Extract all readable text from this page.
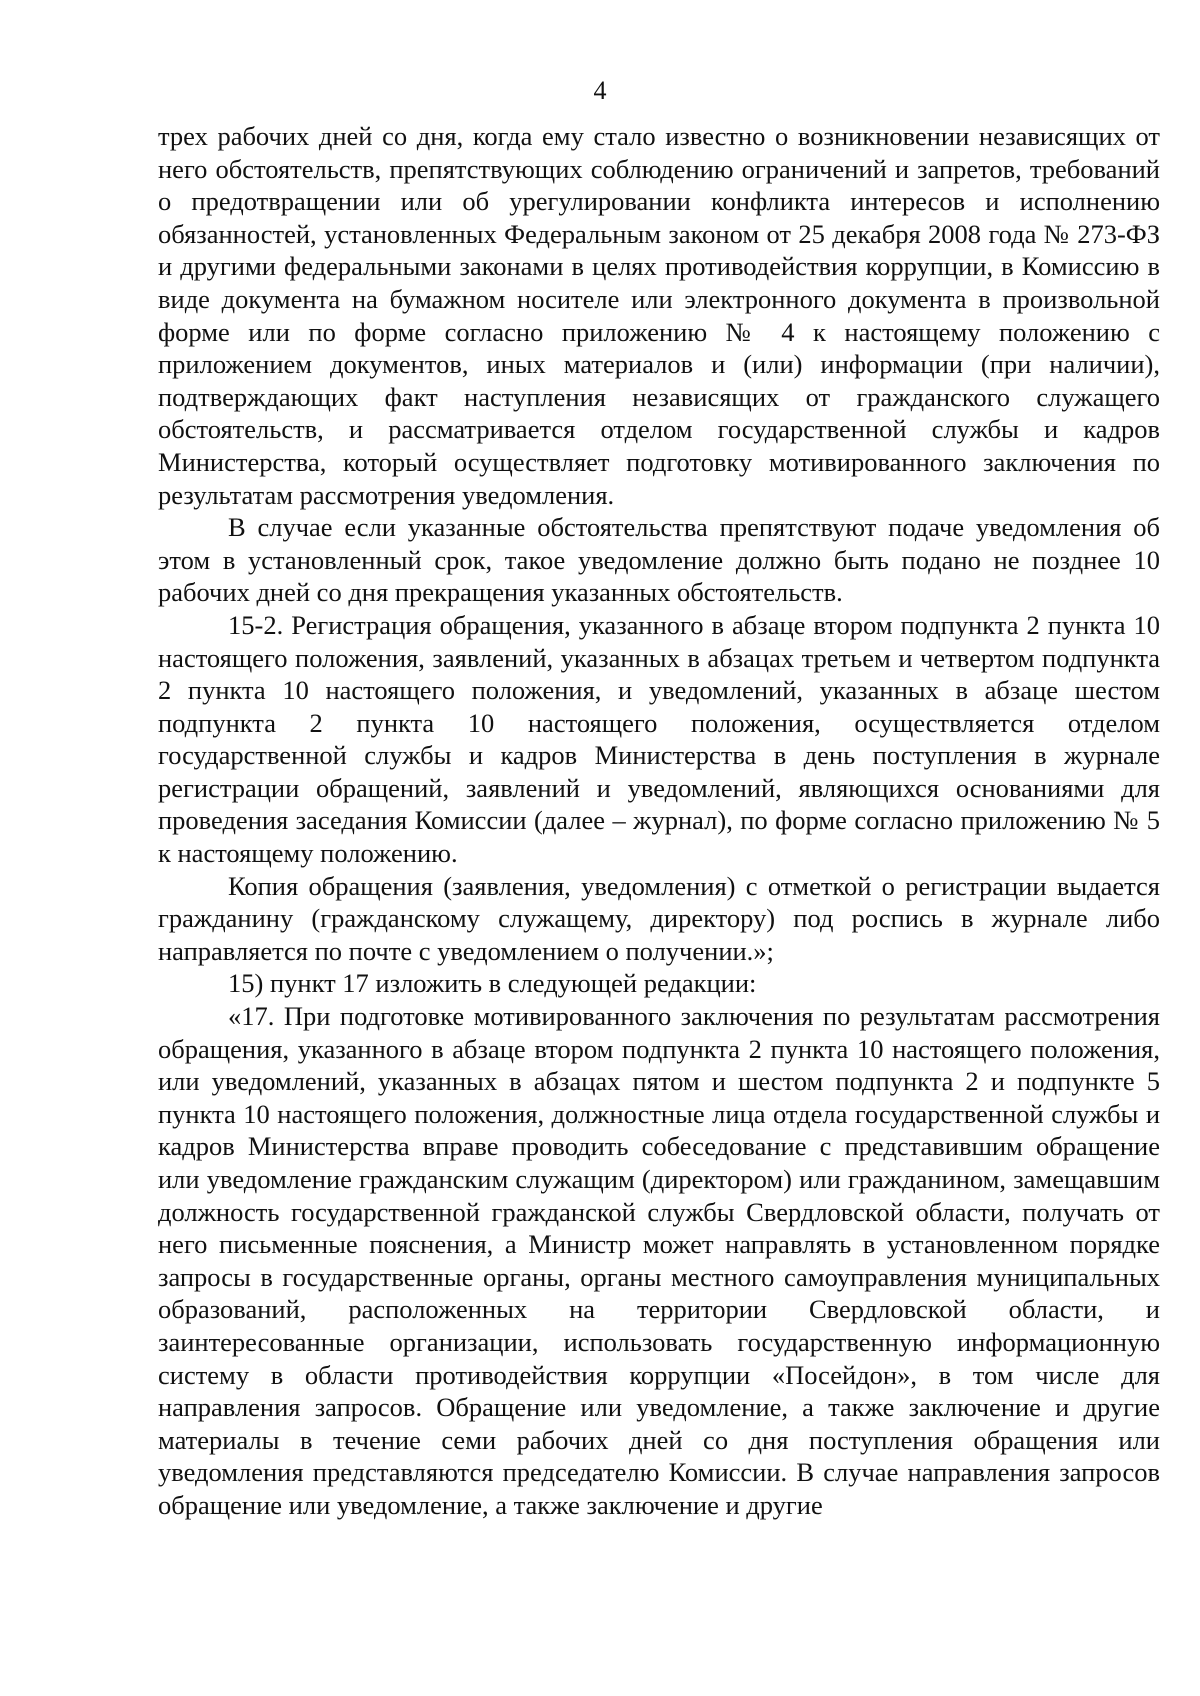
4

трех рабочих дней со дня, когда ему стало известно о возникновении независящих от него обстоятельств, препятствующих соблюдению ограничений и запретов, требований о предотвращении или об урегулировании конфликта интересов и исполнению обязанностей, установленных Федеральным законом от 25 декабря 2008 года № 273-ФЗ и другими федеральными законами в целях противодействия коррупции, в Комиссию в виде документа на бумажном носителе или электронного документа в произвольной форме или по форме согласно приложению № 4 к настоящему положению с приложением документов, иных материалов и (или) информации (при наличии), подтверждающих факт наступления независящих от гражданского служащего обстоятельств, и рассматривается отделом государственной службы и кадров Министерства, который осуществляет подготовку мотивированного заключения по результатам рассмотрения уведомления.

В случае если указанные обстоятельства препятствуют подаче уведомления об этом в установленный срок, такое уведомление должно быть подано не позднее 10 рабочих дней со дня прекращения указанных обстоятельств.

15-2. Регистрация обращения, указанного в абзаце втором подпункта 2 пункта 10 настоящего положения, заявлений, указанных в абзацах третьем и четвертом подпункта 2 пункта 10 настоящего положения, и уведомлений, указанных в абзаце шестом подпункта 2 пункта 10 настоящего положения, осуществляется отделом государственной службы и кадров Министерства в день поступления в журнале регистрации обращений, заявлений и уведомлений, являющихся основаниями для проведения заседания Комиссии (далее – журнал), по форме согласно приложению № 5 к настоящему положению.

Копия обращения (заявления, уведомления) с отметкой о регистрации выдается гражданину (гражданскому служащему, директору) под роспись в журнале либо направляется по почте с уведомлением о получении.»;

15) пункт 17 изложить в следующей редакции:

«17. При подготовке мотивированного заключения по результатам рассмотрения обращения, указанного в абзаце втором подпункта 2 пункта 10 настоящего положения, или уведомлений, указанных в абзацах пятом и шестом подпункта 2 и подпункте 5 пункта 10 настоящего положения, должностные лица отдела государственной службы и кадров Министерства вправе проводить собеседование с представившим обращение или уведомление гражданским служащим (директором) или гражданином, замещавшим должность государственной гражданской службы Свердловской области, получать от него письменные пояснения, а Министр может направлять в установленном порядке запросы в государственные органы, органы местного самоуправления муниципальных образований, расположенных на территории Свердловской области, и заинтересованные организации, использовать государственную информационную систему в области противодействия коррупции «Посейдон», в том числе для направления запросов. Обращение или уведомление, а также заключение и другие материалы в течение семи рабочих дней со дня поступления обращения или уведомления представляются председателю Комиссии. В случае направления запросов обращение или уведомление, а также заключение и другие
